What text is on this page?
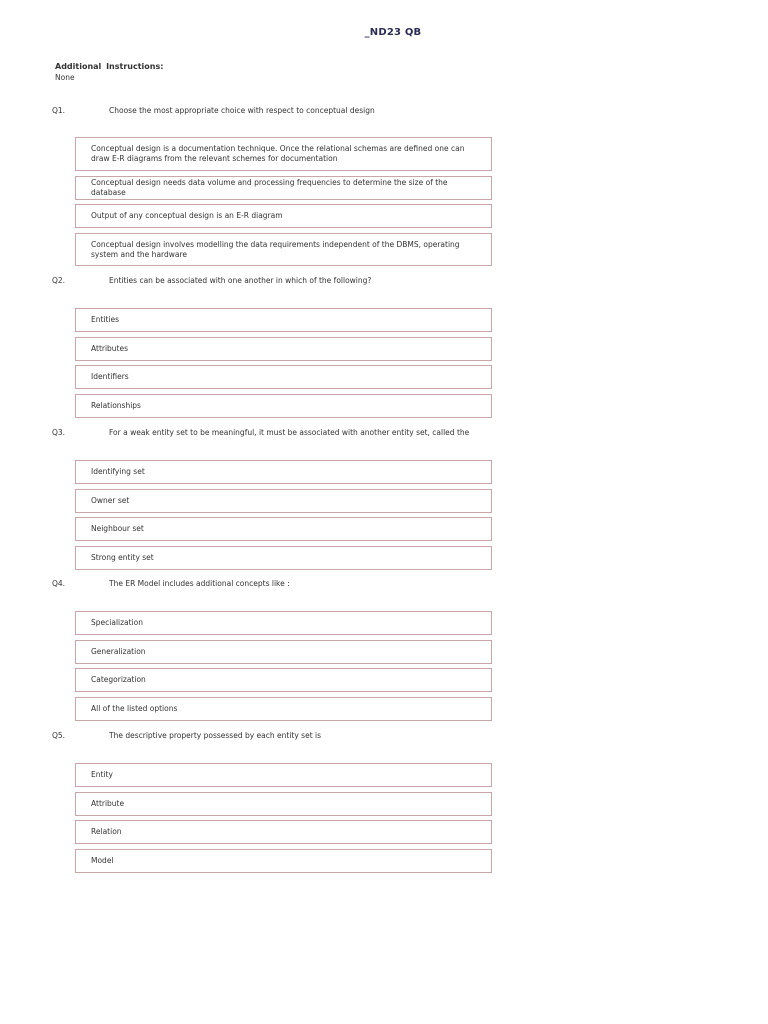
_ND23 QB
Additional Instructions:
None
Q1.	Choose the most appropriate choice with respect to conceptual design
Conceptual design is a documentation technique. Once the relational schemas are defined one can draw E-R diagrams from the relevant schemes for documentation
Conceptual design needs data volume and processing frequencies to determine the size of the database
Output of any conceptual design is an E-R diagram
Conceptual design involves modelling the data requirements independent of the DBMS, operating system and the hardware
Q2.	Entities can be associated with one another in which of the following?
Entities
Attributes
Identifiers
Relationships
Q3.	For a weak entity set to be meaningful, it must be associated with another entity set, called the
Identifying set
Owner set
Neighbour set
Strong entity set
Q4.	The ER Model includes additional concepts like :
Specialization
Generalization
Categorization
All of the listed options
Q5.	The descriptive property possessed by each entity set is
Entity
Attribute
Relation
Model
